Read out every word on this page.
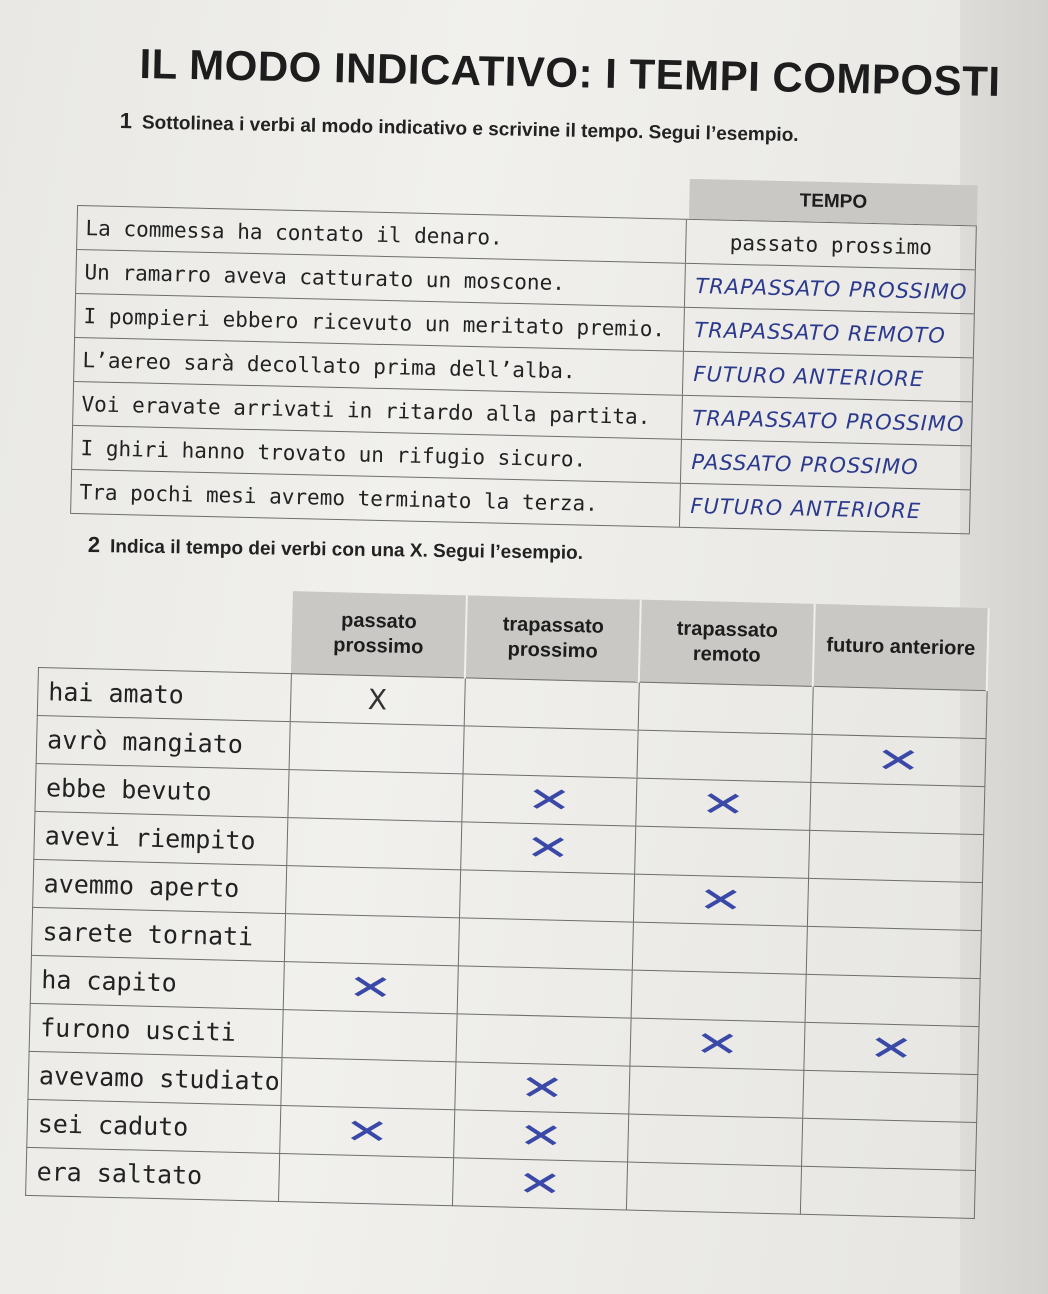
IL MODO INDICATIVO: I TEMPI COMPOSTI
1 Sottolinea i verbi al modo indicativo e scrivine il tempo. Segui l’esempio.
TEMPO
La commessa ha contato il denaro.	passato prossimo
Un ramarro aveva catturato un moscone.	TRAPASSATO PROSSIMO
I pompieri ebbero ricevuto un meritato premio.	TRAPASSATO REMOTO
L’aereo sarà decollato prima dell’alba.	FUTURO ANTERIORE
Voi eravate arrivati in ritardo alla partita.	TRAPASSATO PROSSIMO
I ghiri hanno trovato un rifugio sicuro.	PASSATO PROSSIMO
Tra pochi mesi avremo terminato la terza.	FUTURO ANTERIORE
2 Indica il tempo dei verbi con una X. Segui l’esempio.
	passato prossimo	trapassato prossimo	trapassato remoto	futuro anteriore
hai amato	X			
avrò mangiato				✕
ebbe bevuto		✕	✕	
avevi riempito		✕		
avemmo aperto			✕	
sarete tornati				
ha capito	✕			
furono usciti			✕	✕
avevamo studiato		✕		
sei caduto	✕	✕		
era saltato		✕		
